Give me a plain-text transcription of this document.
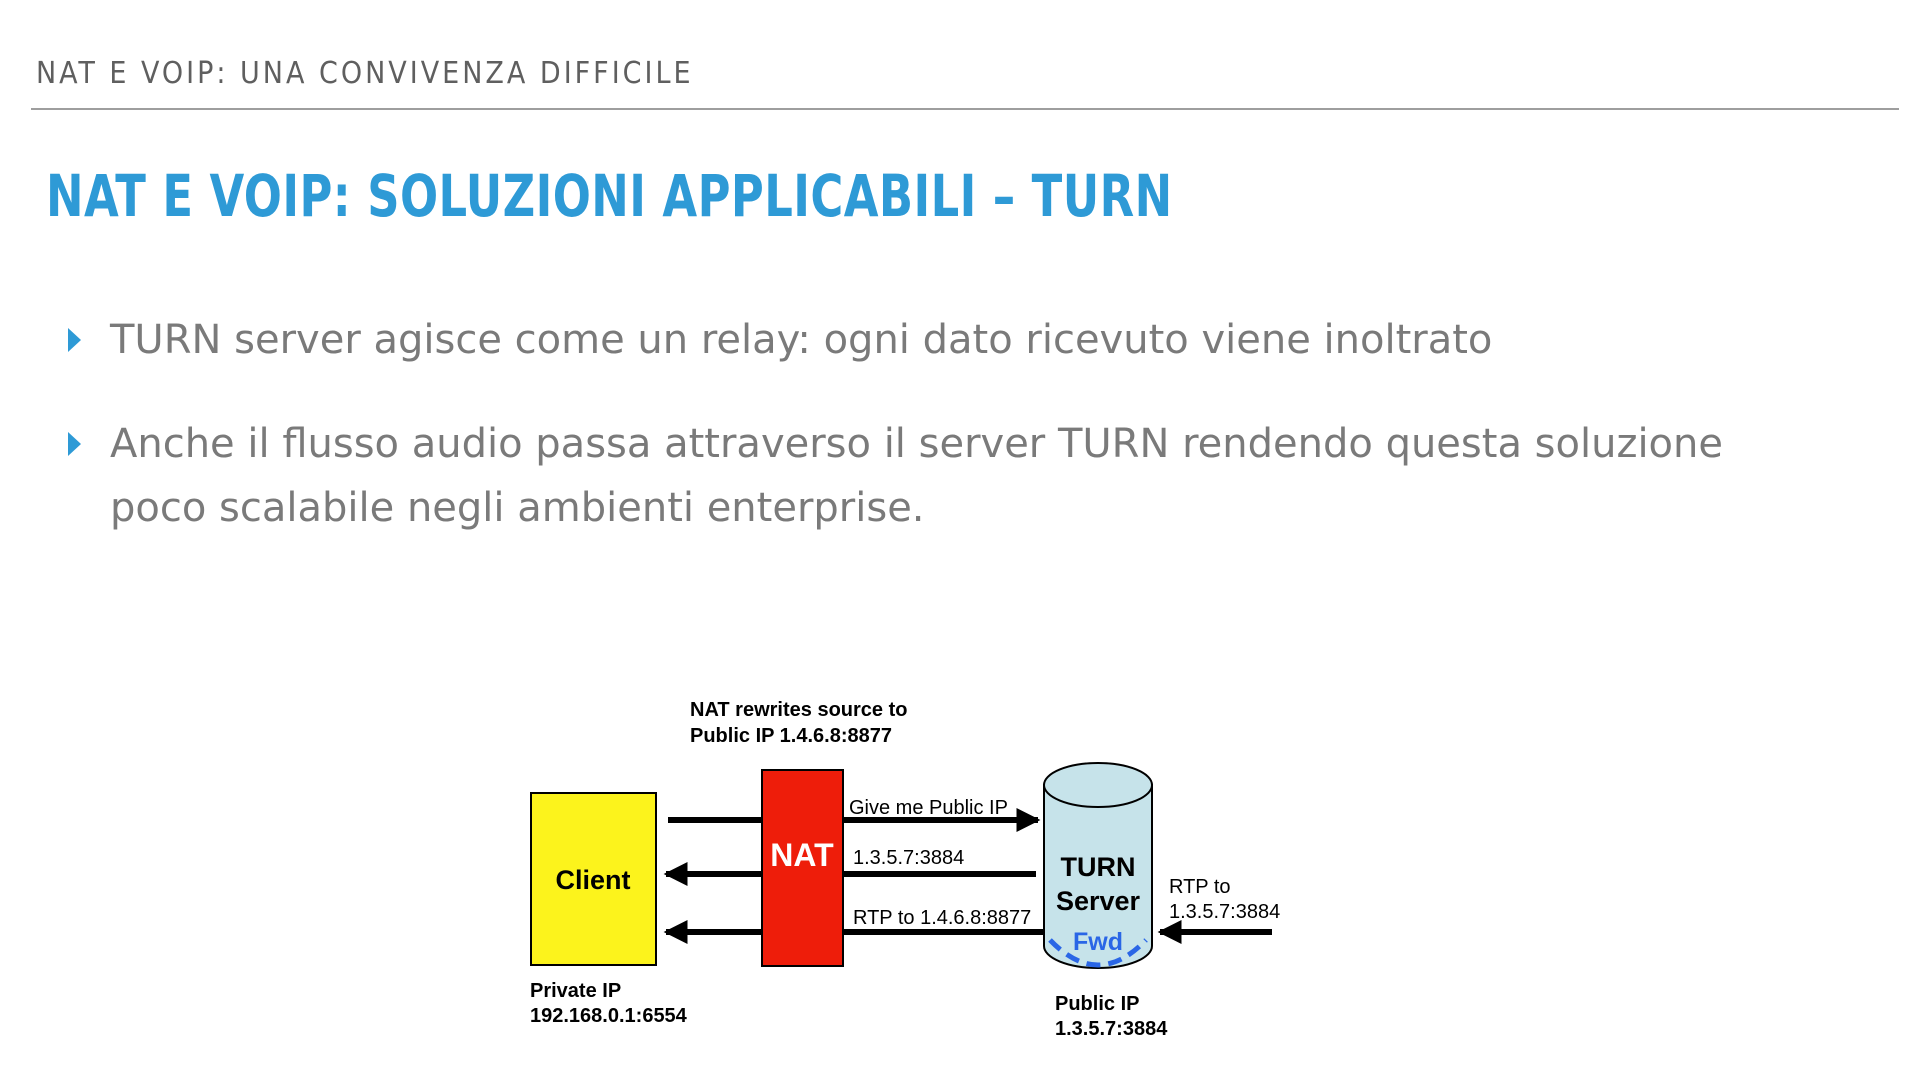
NAT E VOIP: UNA CONVIVENZA DIFFICILE
NAT E VOIP: SOLUZIONI APPLICABILI – TURN
TURN server agisce come un relay: ogni dato ricevuto viene inoltrato
Anche il flusso audio passa attraverso il server TURN rendendo questa soluzione poco scalabile negli ambienti enterprise.
NAT rewrites source to
Public IP 1.4.6.8:8877
Client
NAT	TURN
Server
Fwd
Give me Public IP
1.3.5.7:3884
RTP to 1.4.6.8:8877
RTP to
1.3.5.7:3884
Private IP
192.168.0.1:6554
Public IP
1.3.5.7:3884
